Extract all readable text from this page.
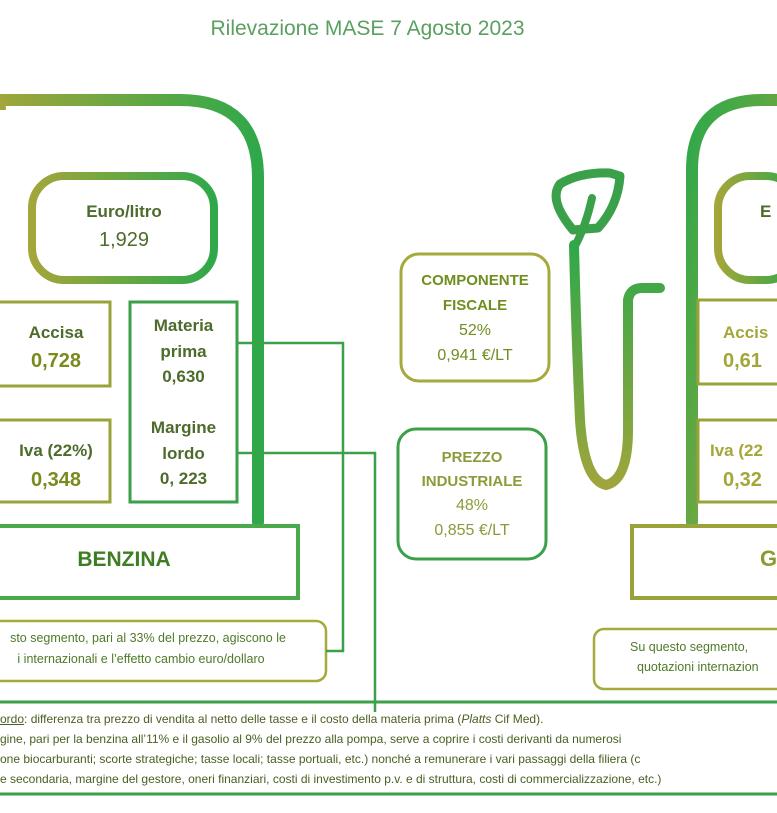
Rilevazione MASE 7 Agosto 2023
Euro/litro
1,929
Accisa
0,728
Iva (22%)
0,348
Materia
prima
0,630
Margine
lordo
0, 223
BENZINA
sto segmento, pari al 33% del prezzo, agiscono le
i internazionali e l’effetto cambio euro/dollaro
COMPONENTE
FISCALE
52%
0,941 €/LT
PREZZO
INDUSTRIALE
48%
0,855 €/LT
E
Accis
0,61
Iva (22
0,32
G
Su questo segmento,
quotazioni internazion
ordo: differenza tra prezzo di vendita al netto delle tasse e il costo della materia prima (Platts Cif Med).
gine, pari per la benzina all’11% e il gasolio al 9% del prezzo alla pompa, serve a coprire i costi derivanti da numerosi
one biocarburanti; scorte strategiche; tasse locali; tasse portuali, etc.) nonché a remunerare i vari passaggi della filiera (c
e secondaria, margine del gestore, oneri finanziari, costi di investimento p.v. e di struttura, costi di commercializzazione, etc.)
